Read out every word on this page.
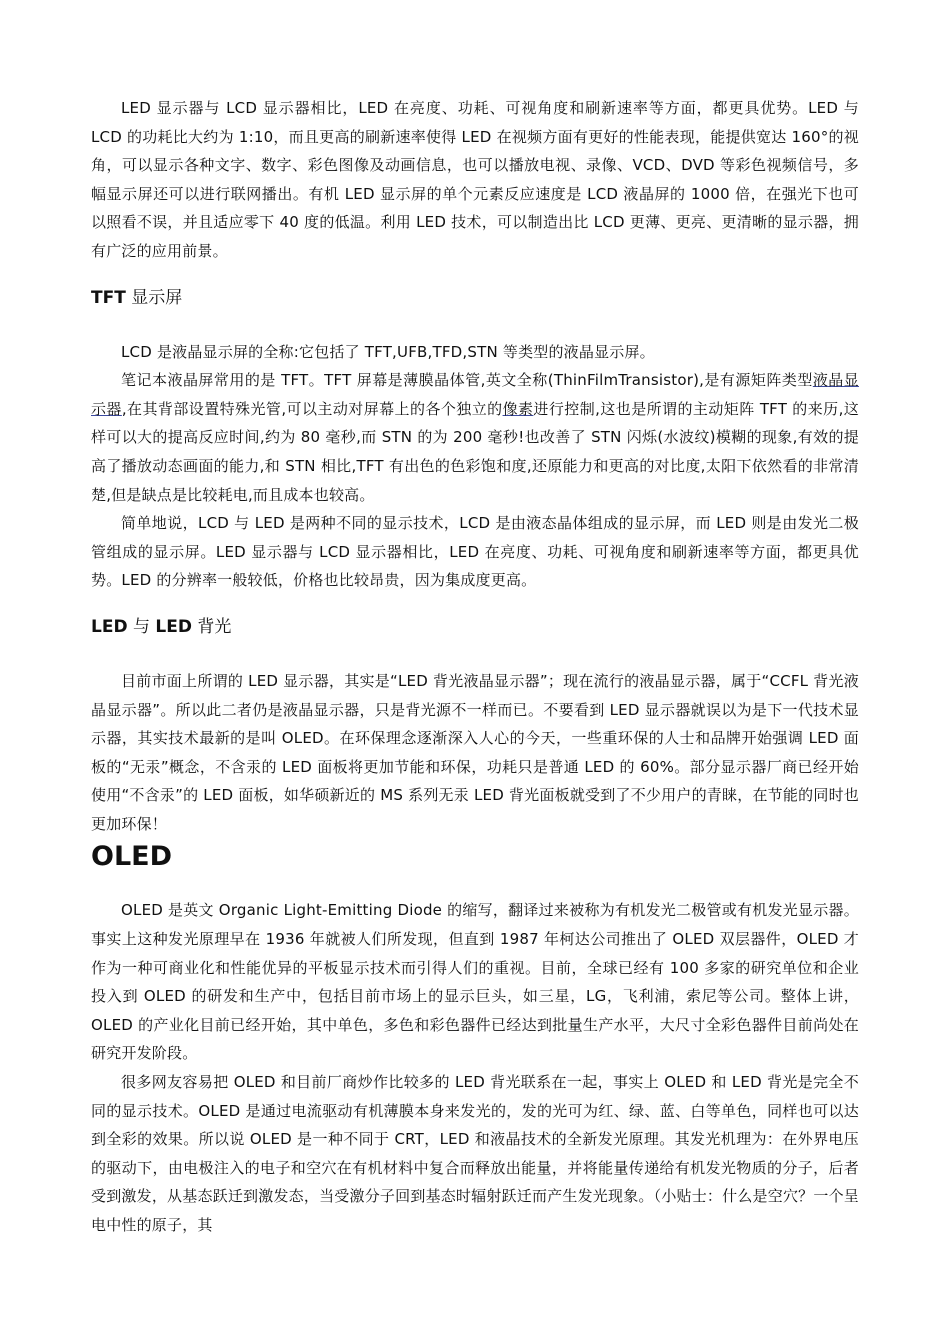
LED 显示器与 LCD 显示器相比，LED 在亮度、功耗、可视角度和刷新速率等方面，都更具优势。LED 与 LCD 的功耗比大约为 1:10，而且更高的刷新速率使得 LED 在视频方面有更好的性能表现，能提供宽达 160°的视角，可以显示各种文字、数字、彩色图像及动画信息，也可以播放电视、录像、VCD、DVD 等彩色视频信号，多幅显示屏还可以进行联网播出。有机 LED 显示屏的单个元素反应速度是 LCD 液晶屏的 1000 倍，在强光下也可以照看不误，并且适应零下 40 度的低温。利用 LED 技术，可以制造出比 LCD 更薄、更亮、更清晰的显示器，拥有广泛的应用前景。

TFT 显示屏

LCD 是液晶显示屏的全称:它包括了 TFT,UFB,TFD,STN 等类型的液晶显示屏。

笔记本液晶屏常用的是 TFT。TFT 屏幕是薄膜晶体管,英文全称(ThinFilmTransistor),是有源矩阵类型液晶显示器,在其背部设置特殊光管,可以主动对屏幕上的各个独立的像素进行控制,这也是所谓的主动矩阵 TFT 的来历,这样可以大的提高反应时间,约为 80 毫秒,而 STN 的为 200 毫秒!也改善了 STN 闪烁(水波纹)模糊的现象,有效的提高了播放动态画面的能力,和 STN 相比,TFT 有出色的色彩饱和度,还原能力和更高的对比度,太阳下依然看的非常清楚,但是缺点是比较耗电,而且成本也较高。

简单地说，LCD 与 LED 是两种不同的显示技术，LCD 是由液态晶体组成的显示屏，而 LED 则是由发光二极管组成的显示屏。LED 显示器与 LCD 显示器相比，LED 在亮度、功耗、可视角度和刷新速率等方面，都更具优势。LED 的分辨率一般较低，价格也比较昂贵，因为集成度更高。

LED 与 LED 背光

目前市面上所谓的 LED 显示器，其实是“LED 背光液晶显示器”；现在流行的液晶显示器，属于“CCFL 背光液晶显示器”。所以此二者仍是液晶显示器，只是背光源不一样而已。不要看到 LED 显示器就误以为是下一代技术显示器，其实技术最新的是叫 OLED。在环保理念逐渐深入人心的今天，一些重环保的人士和品牌开始强调 LED 面板的“无汞”概念，不含汞的 LED 面板将更加节能和环保，功耗只是普通 LED 的 60%。部分显示器厂商已经开始使用“不含汞”的 LED 面板，如华硕新近的 MS 系列无汞 LED 背光面板就受到了不少用户的青睐，在节能的同时也更加环保！

OLED

OLED 是英文 Organic Light-Emitting Diode 的缩写，翻译过来被称为有机发光二极管或有机发光显示器。事实上这种发光原理早在 1936 年就被人们所发现，但直到 1987 年柯达公司推出了 OLED 双层器件，OLED 才作为一种可商业化和性能优异的平板显示技术而引得人们的重视。目前，全球已经有 100 多家的研究单位和企业投入到 OLED 的研发和生产中，包括目前市场上的显示巨头，如三星，LG，飞利浦，索尼等公司。整体上讲，OLED 的产业化目前已经开始，其中单色，多色和彩色器件已经达到批量生产水平，大尺寸全彩色器件目前尚处在研究开发阶段。

很多网友容易把 OLED 和目前厂商炒作比较多的 LED 背光联系在一起，事实上 OLED 和 LED 背光是完全不同的显示技术。OLED 是通过电流驱动有机薄膜本身来发光的，发的光可为红、绿、蓝、白等单色，同样也可以达到全彩的效果。所以说 OLED 是一种不同于 CRT，LED 和液晶技术的全新发光原理。其发光机理为：在外界电压的驱动下，由电极注入的电子和空穴在有机材料中复合而释放出能量，并将能量传递给有机发光物质的分子，后者受到激发，从基态跃迁到激发态，当受激分子回到基态时辐射跃迁而产生发光现象。（小贴士：什么是空穴？一个呈电中性的原子，其
